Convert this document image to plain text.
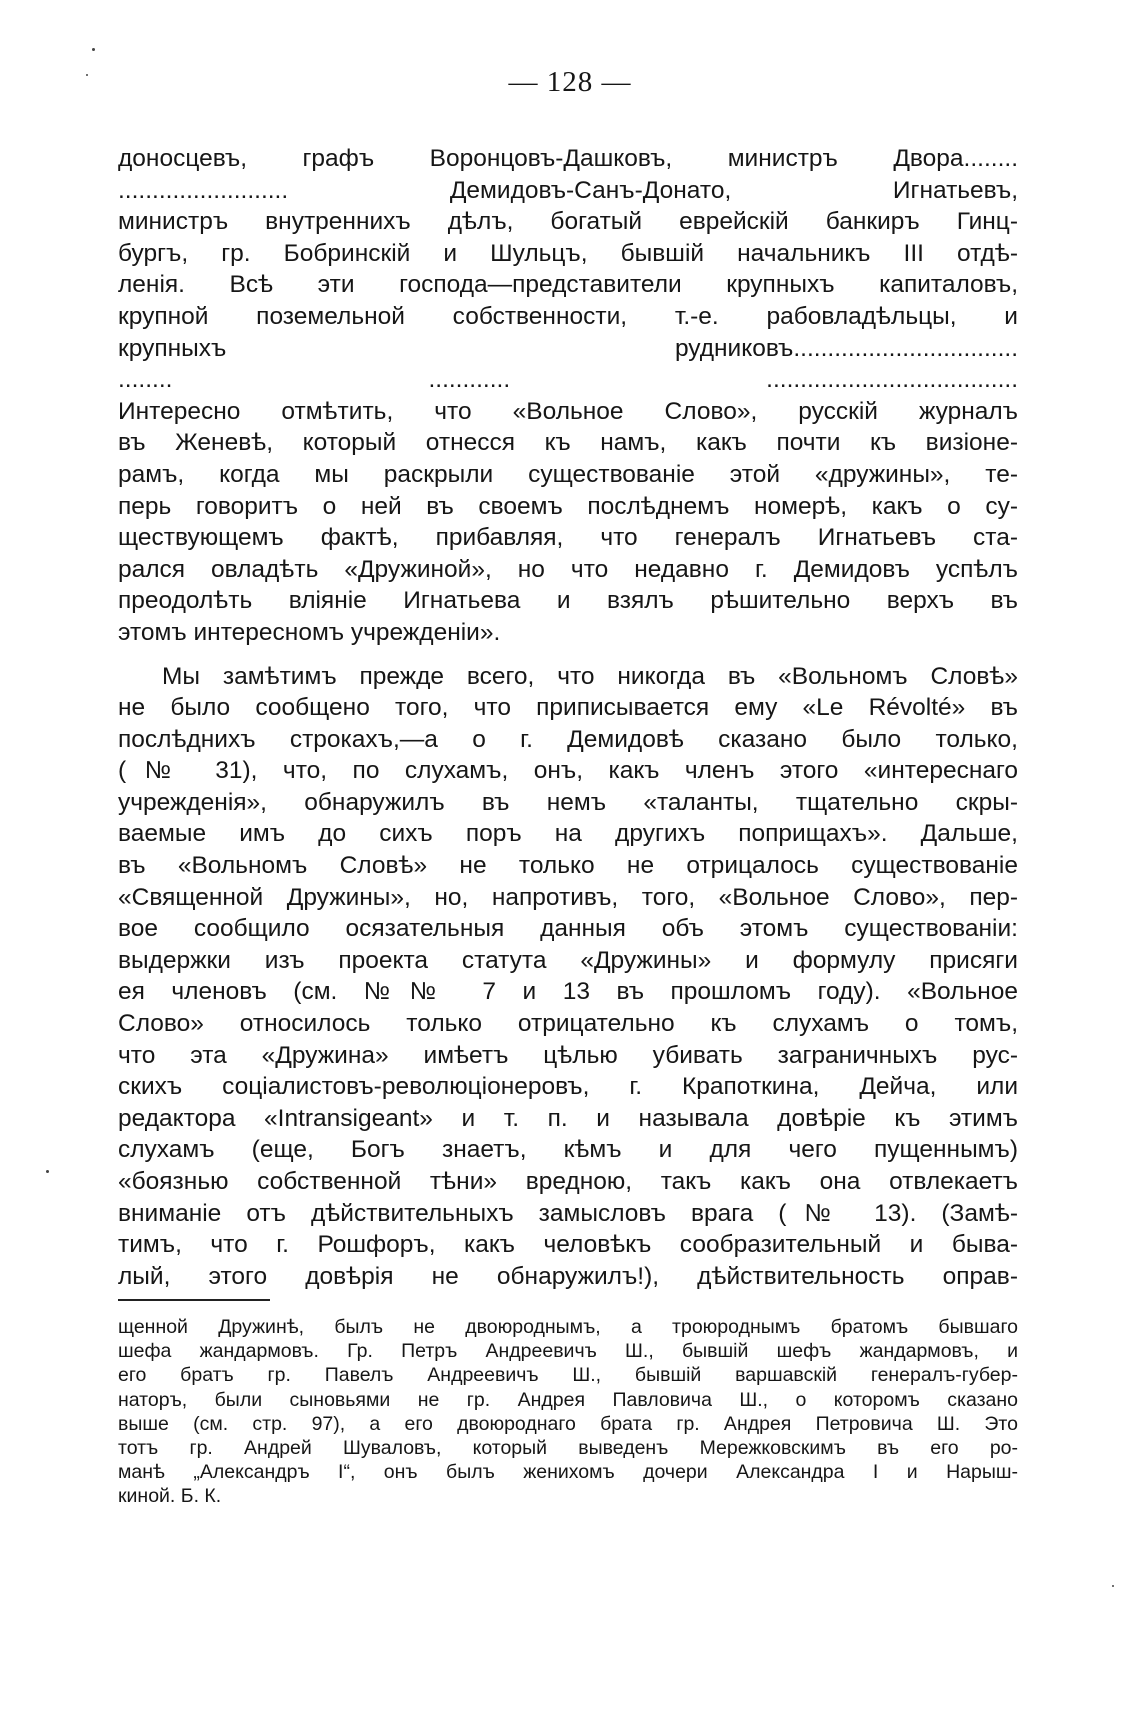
— 128 —
доносцевъ, графъ Воронцовъ-Дашковъ, министръ Двора........
......................... Демидовъ-Санъ-Донато, Игнатьевъ,
министръ внутреннихъ дѣлъ, богатый еврейскій банкиръ Гинц-
бургъ, гр. Бобринскій и Шульцъ, бывшій начальникъ III отдѣ-
ленія. Всѣ эти господа—представители крупныхъ капиталовъ,
крупной поземельной собственности, т.-е. рабовладѣльцы, и
крупныхъ рудниковъ.................................
........ ............ .....................................
Интересно отмѣтить, что «Вольное Слово», русскій журналъ
въ Женевѣ, который отнесся къ намъ, какъ почти къ визіоне-
рамъ, когда мы раскрыли существованіе этой «дружины», те-
перь говоритъ о ней въ своемъ послѣднемъ номерѣ, какъ о су-
ществующемъ фактѣ, прибавляя, что генералъ Игнатьевъ ста-
рался овладѣть «Дружиной», но что недавно г. Демидовъ успѣлъ
преодолѣть вліяніе Игнатьева и взялъ рѣшительно верхъ въ
этомъ интересномъ учрежденіи».
Мы замѣтимъ прежде всего, что никогда въ «Вольномъ Словѣ»
не было сообщено того, что приписывается ему «Le Révolté» въ
послѣднихъ строкахъ,—а о г. Демидовѣ сказано было только,
(№ 31), что, по слухамъ, онъ, какъ членъ этого «интереснаго
учрежденія», обнаружилъ въ немъ «таланты, тщательно скры-
ваемые имъ до сихъ поръ на другихъ поприщахъ». Дальше,
въ «Вольномъ Словѣ» не только не отрицалось существованіе
«Священной Дружины», но, напротивъ, того, «Вольное Слово», пер-
вое сообщило осязательныя данныя объ этомъ существованіи:
выдержки изъ проекта статута «Дружины» и формулу присяги
ея членовъ (см. №№ 7 и 13 въ прошломъ году). «Вольное
Слово» относилось только отрицательно къ слухамъ о томъ,
что эта «Дружина» имѣетъ цѣлью убивать заграничныхъ рус-
скихъ соціалистовъ-революціонеровъ, г. Крапоткина, Дейча, или
редактора «Intransigeant» и т. п. и называла довѣріе къ этимъ
слухамъ (еще, Богъ знаетъ, кѣмъ и для чего пущеннымъ)
«боязнью собственной тѣни» вредною, такъ какъ она отвлекаетъ
вниманіе отъ дѣйствительныхъ замысловъ врага (№ 13). (Замѣ-
тимъ, что г. Рошфоръ, какъ человѣкъ сообразительный и быва-
лый, этого довѣрія не обнаружилъ!), дѣйствительность оправ-
щенной Дружинѣ, былъ не двоюроднымъ, а троюроднымъ братомъ бывшаго
шефа жандармовъ. Гр. Петръ Андреевичъ Ш., бывшій шефъ жандармовъ, и
его братъ гр. Павелъ Андреевичъ Ш., бывшій варшавскій генералъ-губер-
наторъ, были сыновьями не гр. Андрея Павловича Ш., о которомъ сказано
выше (см. стр. 97), а его двоюроднаго брата гр. Андрея Петровича Ш. Это
тотъ гр. Андрей Шуваловъ, который выведенъ Мережковскимъ въ его ро-
манѣ „Александръ I“, онъ былъ женихомъ дочери Александра I и Нарыш-
киной. Б. К.
